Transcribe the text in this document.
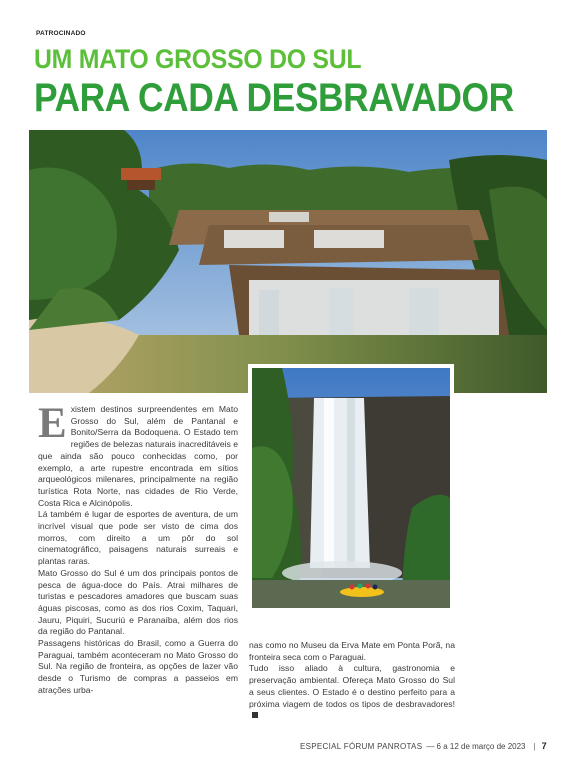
PATROCINADO
UM MATO GROSSO DO SUL
PARA CADA DESBRAVADOR

Existem destinos surpreendentes em Mato Grosso do Sul, além de Pantanal e Bonito/Serra da Bodoquena. O Estado tem regiões de belezas naturais inacreditáveis e que ainda são pouco conhecidas como, por exemplo, a arte rupestre encontrada em sítios arqueológicos milenares, principalmente na região turística Rota Norte, nas cidades de Rio Verde, Costa Rica e Alcinópolis.

Lá também é lugar de esportes de aventura, de um incrível visual que pode ser visto de cima dos morros, com direito a um pôr do sol cinematográfico, paisagens naturais surreais e plantas raras.

Mato Grosso do Sul é um dos principais pontos de pesca de água-doce do País. Atrai milhares de turistas e pescadores amadores que buscam suas águas piscosas, como as dos rios Coxim, Taquari, Jauru, Piquiri, Sucuriú e Paranaíba, além dos rios da região do Pantanal.

Passagens históricas do Brasil, como a Guerra do Paraguai, também aconteceram no Mato Grosso do Sul. Na região de fronteira, as opções de lazer vão desde o Turismo de compras a passeios em atrações urba-

nas como no Museu da Erva Mate em Ponta Porã, na fronteira seca com o Paraguai.

Tudo isso aliado à cultura, gastronomia e preservação ambiental. Ofereça Mato Grosso do Sul a seus clientes. O Estado é o destino perfeito para a próxima viagem de todos os tipos de desbravadores!

ESPECIAL FÓRUM PANROTAS — 6 a 12 de março de 2023 | 7
